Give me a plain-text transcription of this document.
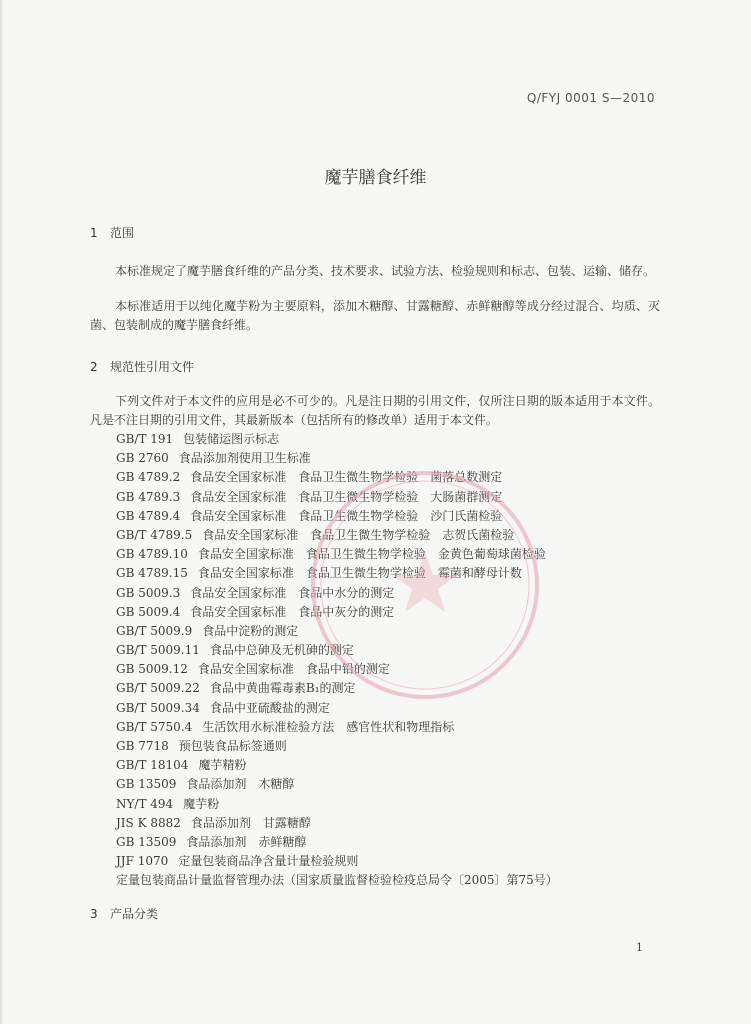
Q/FYJ 0001 S—2010
魔芋膳食纤维
1 范围
本标准规定了魔芋膳食纤维的产品分类、技术要求、试验方法、检验规则和标志、包装、运输、储存。
本标准适用于以纯化魔芋粉为主要原料，添加木糖醇、甘露糖醇、赤鲜糖醇等成分经过混合、均质、灭菌、包装制成的魔芋膳食纤维。
2 规范性引用文件
下列文件对于本文件的应用是必不可少的。凡是注日期的引用文件，仅所注日期的版本适用于本文件。凡是不注日期的引用文件，其最新版本（包括所有的修改单）适用于本文件。
GB/T 191 包装储运图示标志
GB 2760 食品添加剂使用卫生标准
GB 4789.2 食品安全国家标准　食品卫生微生物学检验　菌落总数测定
GB 4789.3 食品安全国家标准　食品卫生微生物学检验　大肠菌群测定
GB 4789.4 食品安全国家标准　食品卫生微生物学检验　沙门氏菌检验
GB/T 4789.5 食品安全国家标准　食品卫生微生物学检验　志贺氏菌检验
GB 4789.10 食品安全国家标准　食品卫生微生物学检验　金黄色葡萄球菌检验
GB 4789.15 食品安全国家标准　食品卫生微生物学检验　霉菌和酵母计数
GB 5009.3 食品安全国家标准　食品中水分的测定
GB 5009.4 食品安全国家标准　食品中灰分的测定
GB/T 5009.9 食品中淀粉的测定
GB/T 5009.11 食品中总砷及无机砷的测定
GB 5009.12 食品安全国家标准　食品中铅的测定
GB/T 5009.22 食品中黄曲霉毒素B₁的测定
GB/T 5009.34 食品中亚硫酸盐的测定
GB/T 5750.4 生活饮用水标准检验方法　感官性状和物理指标
GB 7718 预包装食品标签通则
GB/T 18104 魔芋精粉
GB 13509 食品添加剂　木糖醇
NY/T 494 魔芋粉
JIS K 8882 食品添加剂　甘露糖醇
GB 13509 食品添加剂　赤鲜糖醇
JJF 1070 定量包装商品净含量计量检验规则
定量包装商品计量监督管理办法（国家质量监督检验检疫总局令〔2005〕第75号）
3 产品分类
1
